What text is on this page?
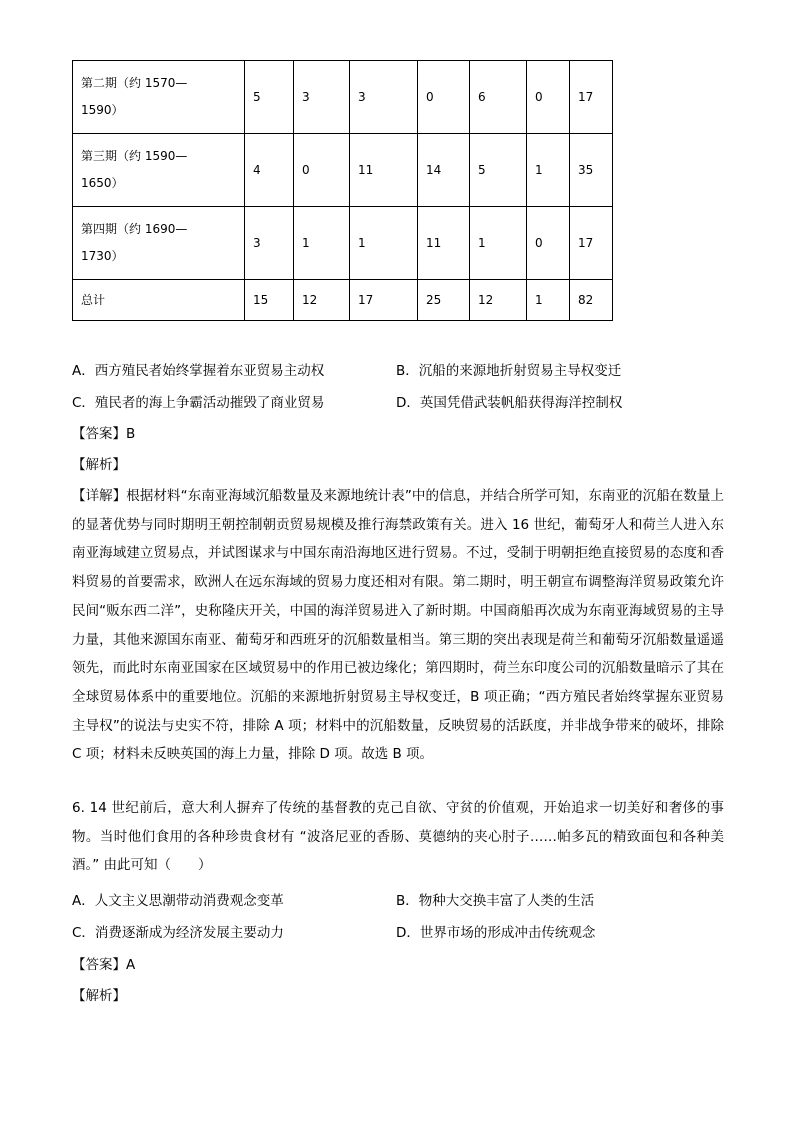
第二期（约 1570—
1590）	5	3	3	0	6	0	17

第三期（约 1590—
1650）	4	0	11	14	5	1	35

第四期（约 1690—
1730）	3	1	1	11	1	0	17

总计	15	12	17	25	12	1	82
A．西方殖民者始终掌握着东亚贸易主动权	B．沉船的来源地折射贸易主导权变迁
C．殖民者的海上争霸活动摧毁了商业贸易	D．英国凭借武装帆船获得海洋控制权
【答案】B
【解析】
【详解】根据材料“东南亚海域沉船数量及来源地统计表”中的信息，并结合所学可知，东南亚的沉船在数量上的显著优势与同时期明王朝控制朝贡贸易规模及推行海禁政策有关。进入 16 世纪，葡萄牙人和荷兰人进入东南亚海域建立贸易点，并试图谋求与中国东南沿海地区进行贸易。不过，受制于明朝拒绝直接贸易的态度和香料贸易的首要需求，欧洲人在远东海域的贸易力度还相对有限。第二期时，明王朝宣布调整海洋贸易政策允许民间“贩东西二洋”，史称隆庆开关，中国的海洋贸易进入了新时期。中国商船再次成为东南亚海域贸易的主导力量，其他来源国东南亚、葡萄牙和西班牙的沉船数量相当。第三期的突出表现是荷兰和葡萄牙沉船数量遥遥领先，而此时东南亚国家在区域贸易中的作用已被边缘化；第四期时，荷兰东印度公司的沉船数量暗示了其在全球贸易体系中的重要地位。沉船的来源地折射贸易主导权变迁，B 项正确；“西方殖民者始终掌握东亚贸易主导权”的说法与史实不符，排除 A 项；材料中的沉船数量，反映贸易的活跃度，并非战争带来的破坏，排除 C 项；材料未反映英国的海上力量，排除 D 项。故选 B 项。
6. 14 世纪前后，意大利人摒弃了传统的基督教的克己自欲、守贫的价值观，开始追求一切美好和奢侈的事物。当时他们食用的各种珍贵食材有 “波洛尼亚的香肠、莫德纳的夹心肘子……帕多瓦的精致面包和各种美酒。” 由此可知（　　）
A．人文主义思潮带动消费观念变革	B．物种大交换丰富了人类的生活
C．消费逐渐成为经济发展主要动力	D．世界市场的形成冲击传统观念
【答案】A
【解析】
